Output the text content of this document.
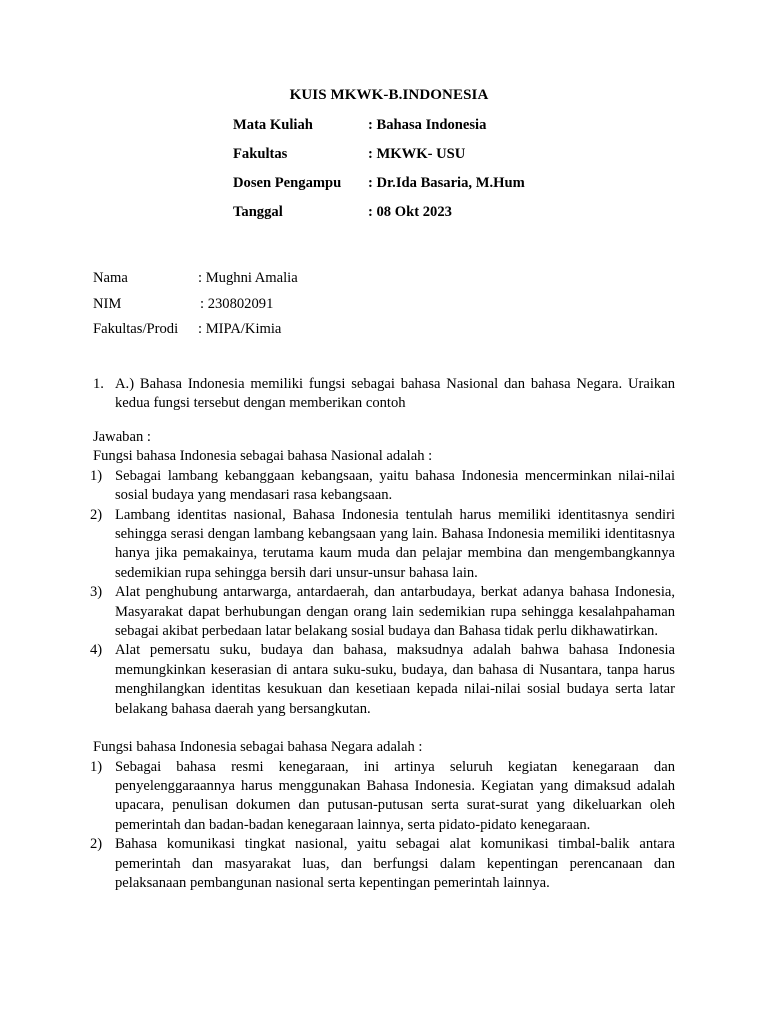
KUIS MKWK-B.INDONESIA
Mata Kuliah	: Bahasa Indonesia
Fakultas	: MKWK- USU
Dosen Pengampu : Dr.Ida Basaria, M.Hum
Tanggal	: 08 Okt 2023
Nama	: Mughni Amalia
NIM	: 230802091
Fakultas/Prodi : MIPA/Kimia
1. A.) Bahasa Indonesia memiliki fungsi sebagai bahasa Nasional dan bahasa Negara. Uraikan kedua fungsi tersebut dengan memberikan contoh
Jawaban :
Fungsi bahasa Indonesia sebagai bahasa Nasional adalah :
1) Sebagai lambang kebanggaan kebangsaan, yaitu bahasa Indonesia mencerminkan nilai-nilai sosial budaya yang mendasari rasa kebangsaan.
2) Lambang identitas nasional, Bahasa Indonesia tentulah harus memiliki identitasnya sendiri sehingga serasi dengan lambang kebangsaan yang lain. Bahasa Indonesia memiliki identitasnya hanya jika pemakainya, terutama kaum muda dan pelajar membina dan mengembangkannya sedemikian rupa sehingga bersih dari unsur-unsur bahasa lain.
3) Alat penghubung antarwarga, antardaerah, dan antarbudaya, berkat adanya bahasa Indonesia, Masyarakat dapat berhubungan dengan orang lain sedemikian rupa sehingga kesalahpahaman sebagai akibat perbedaan latar belakang sosial budaya dan Bahasa tidak perlu dikhawatirkan.
4) Alat pemersatu suku, budaya dan bahasa, maksudnya adalah bahwa bahasa Indonesia memungkinkan keserasian di antara suku-suku, budaya, dan bahasa di Nusantara, tanpa harus menghilangkan identitas kesukuan dan kesetiaan kepada nilai-nilai sosial budaya serta latar belakang bahasa daerah yang bersangkutan.
Fungsi bahasa Indonesia sebagai bahasa Negara adalah :
1) Sebagai bahasa resmi kenegaraan, ini artinya seluruh kegiatan kenegaraan dan penyelenggaraannya harus menggunakan Bahasa Indonesia. Kegiatan yang dimaksud adalah upacara, penulisan dokumen dan putusan-putusan serta surat-surat yang dikeluarkan oleh pemerintah dan badan-badan kenegaraan lainnya, serta pidato-pidato kenegaraan.
2) Bahasa komunikasi tingkat nasional, yaitu sebagai alat komunikasi timbal-balik antara pemerintah dan masyarakat luas, dan berfungsi dalam kepentingan perencanaan dan pelaksanaan pembangunan nasional serta kepentingan pemerintah lainnya.
